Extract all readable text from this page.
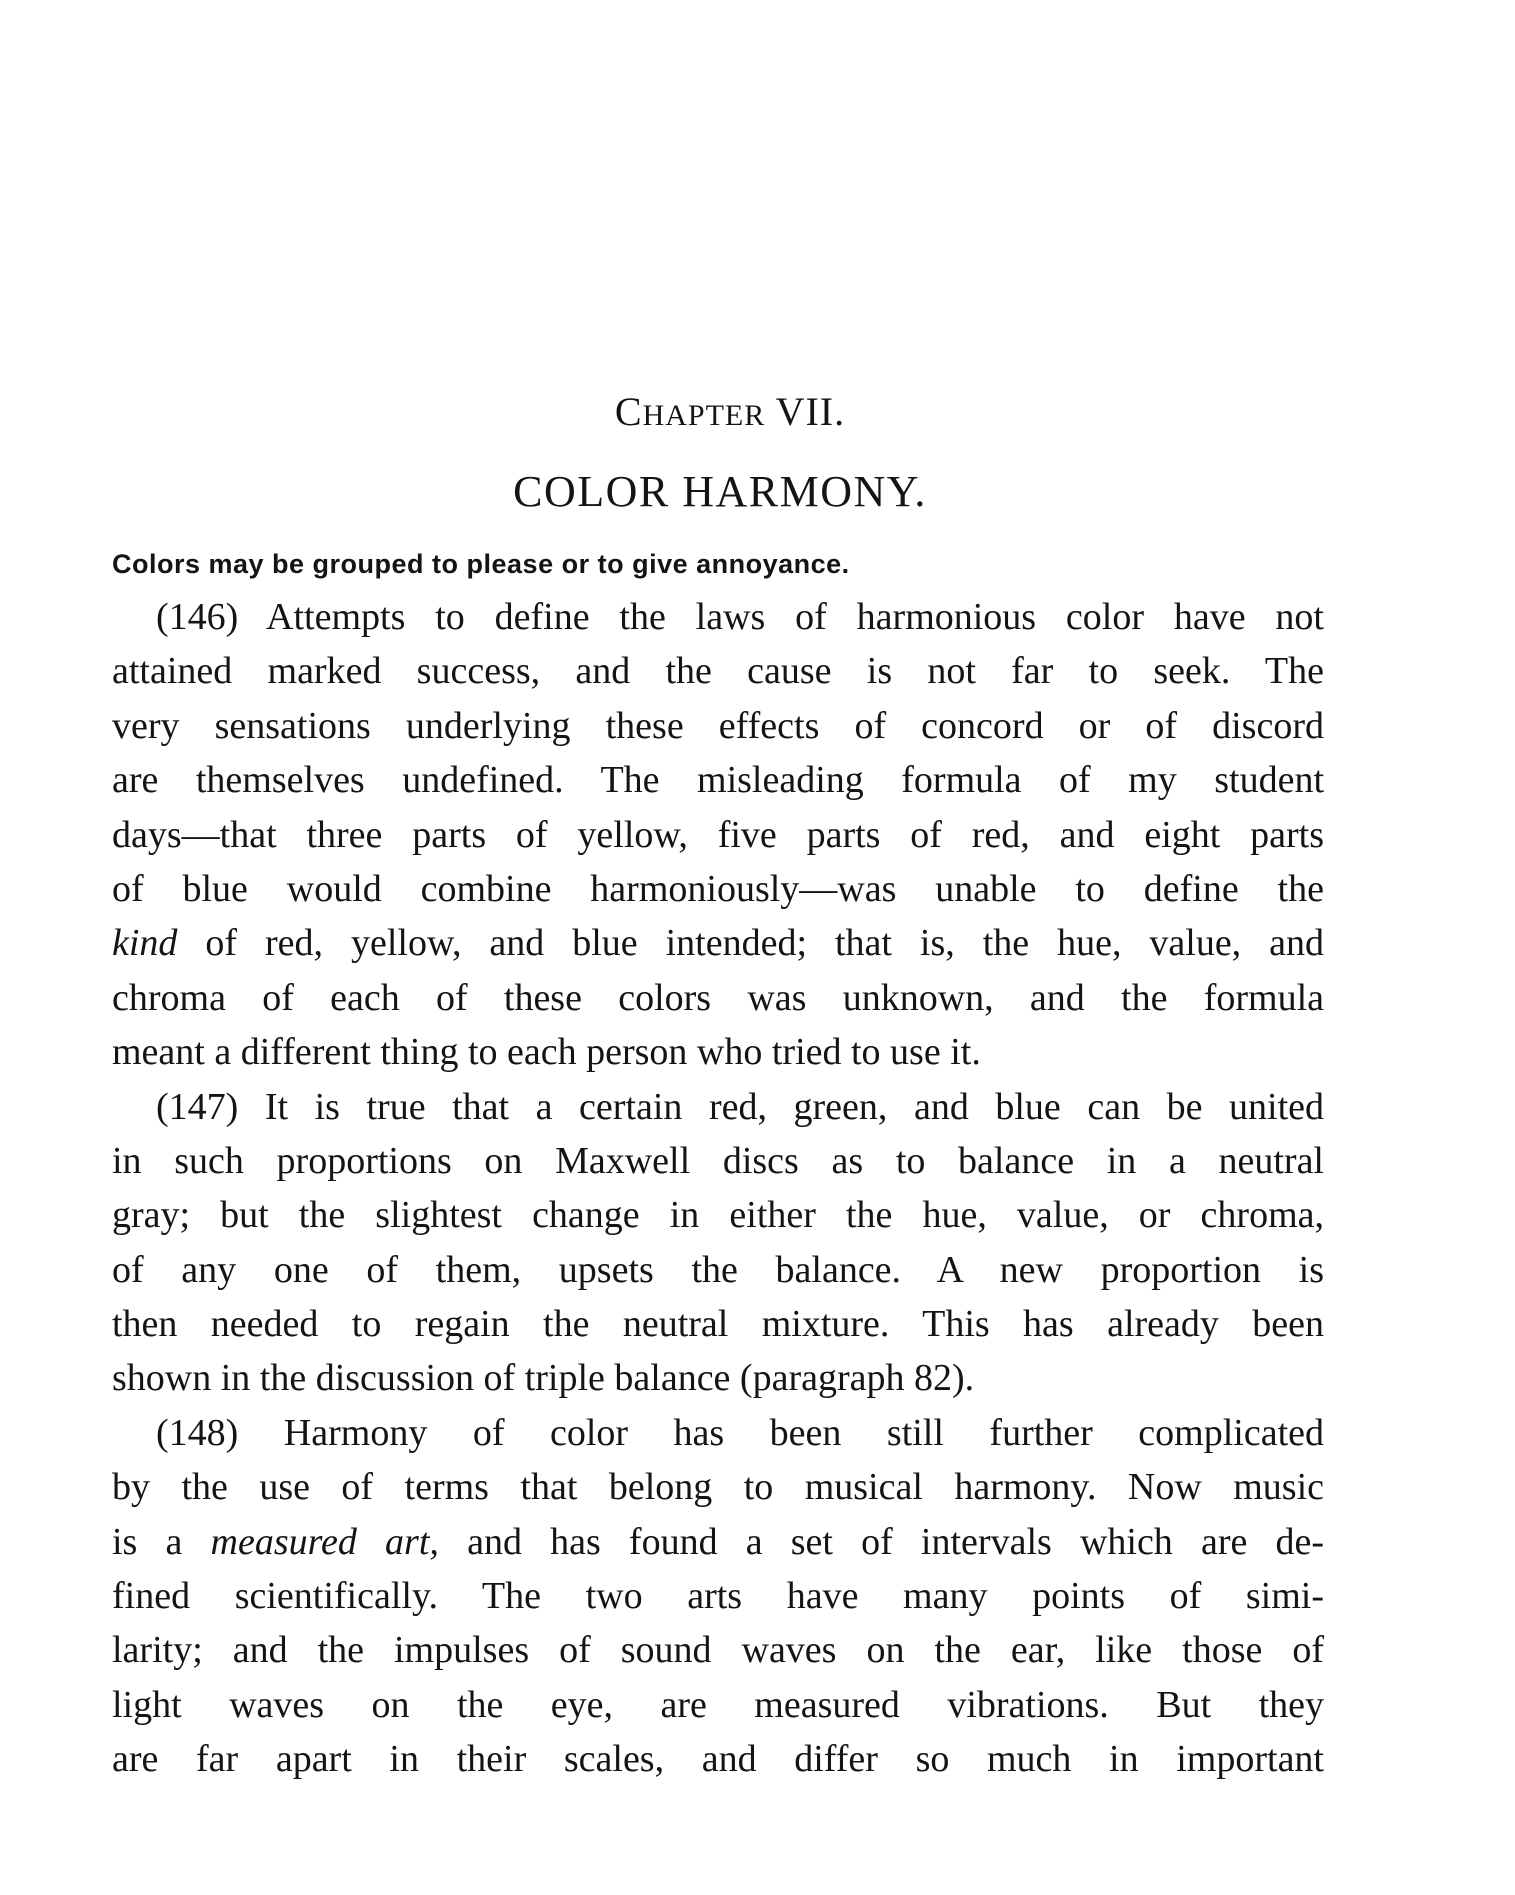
CHAPTER VII.
COLOR HARMONY.
Colors may be grouped to please or to give annoyance.
(146) Attempts to define the laws of harmonious color have not
attained marked success, and the cause is not far to seek. The
very sensations underlying these effects of concord or of discord
are themselves undefined. The misleading formula of my student
days—that three parts of yellow, five parts of red, and eight parts
of blue would combine harmoniously—was unable to define the
kind of red, yellow, and blue intended; that is, the hue, value, and
chroma of each of these colors was unknown, and the formula
meant a different thing to each person who tried to use it.
(147) It is true that a certain red, green, and blue can be united
in such proportions on Maxwell discs as to balance in a neutral
gray; but the slightest change in either the hue, value, or chroma,
of any one of them, upsets the balance. A new proportion is
then needed to regain the neutral mixture. This has already been
shown in the discussion of triple balance (paragraph 82).
(148) Harmony of color has been still further complicated
by the use of terms that belong to musical harmony. Now music
is a measured art, and has found a set of intervals which are de-
fined scientifically. The two arts have many points of simi-
larity; and the impulses of sound waves on the ear, like those of
light waves on the eye, are measured vibrations. But they
are far apart in their scales, and differ so much in important
